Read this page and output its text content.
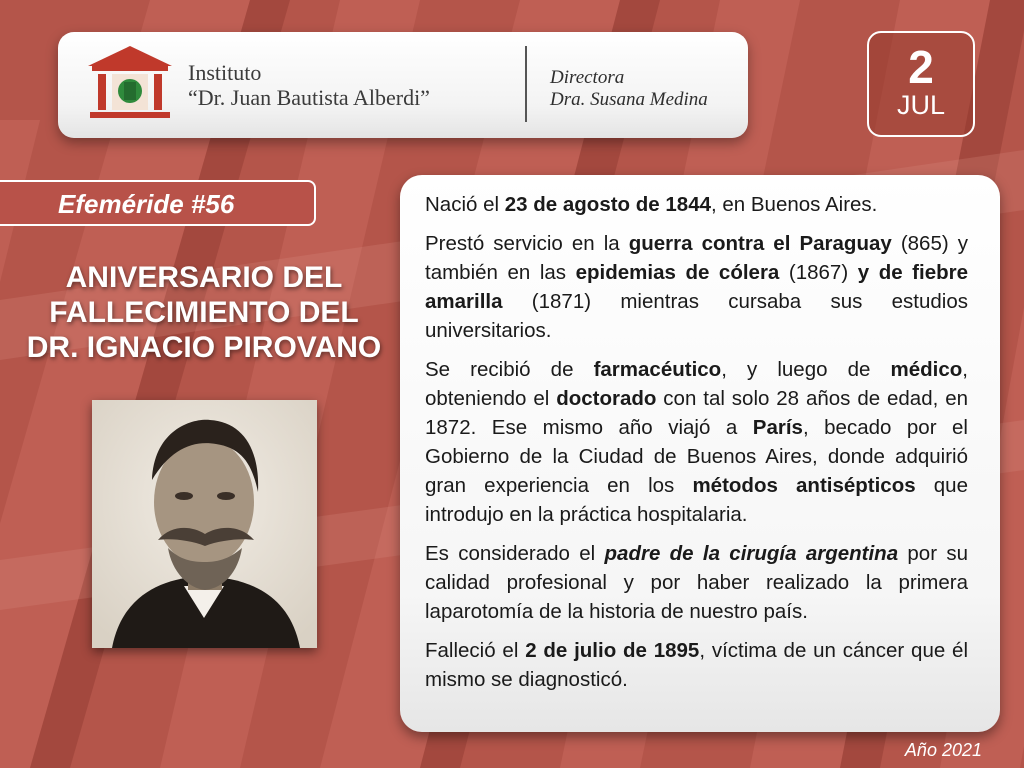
Instituto
“Dr. Juan Bautista Alberdi”
Directora
Dra. Susana Medina
2
JUL
Efeméride #56
ANIVERSARIO DEL
FALLECIMIENTO DEL
DR. IGNACIO PIROVANO

Nació el 23 de agosto de 1844, en Buenos Aires.

Prestó servicio en la guerra contra el Paraguay (865) y también en las epidemias de cólera (1867) y de fiebre amarilla (1871) mientras cursaba sus estudios universitarios.

Se recibió de farmacéutico, y luego de médico, obteniendo el doctorado con tal solo 28 años de edad, en 1872. Ese mismo año viajó a París, becado por el Gobierno de la Ciudad de Buenos Aires, donde adquirió gran experiencia en los métodos antisépticos que introdujo en la práctica hospitalaria.

Es considerado el padre de la cirugía argentina por su calidad profesional y por haber realizado la primera laparotomía de la historia de nuestro país.

Falleció el 2 de julio de 1895, víctima de un cáncer que él mismo se diagnosticó.

Año 2021
